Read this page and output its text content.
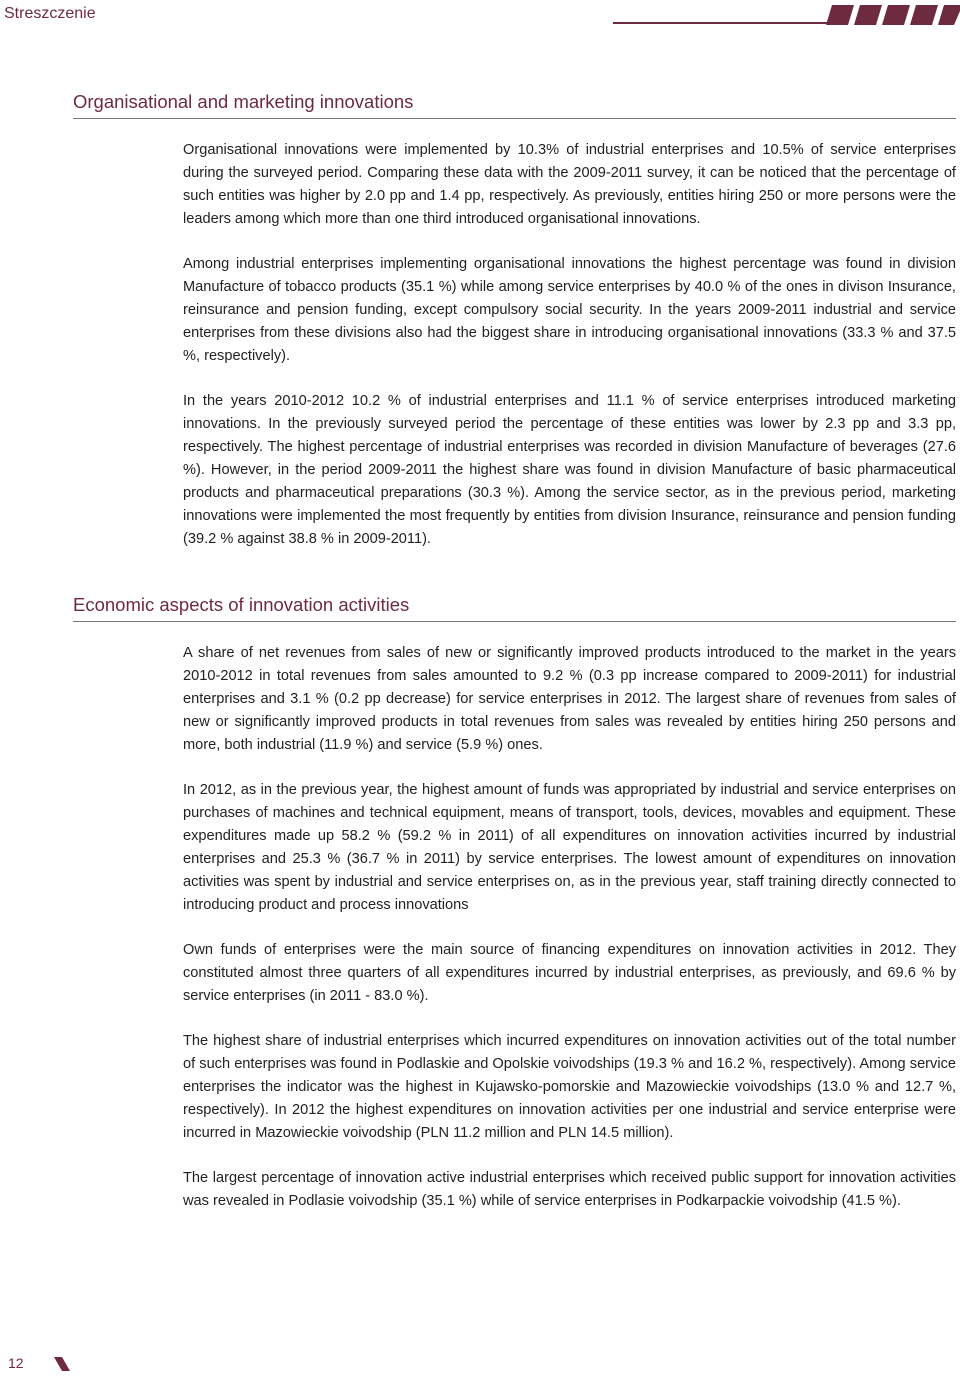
Streszczenie
Organisational and marketing innovations

Organisational innovations were implemented by 10.3% of industrial enterprises and 10.5% of service enterprises during the surveyed period. Comparing these data with the 2009-2011 survey, it can be noticed that the percentage of such entities was higher by 2.0 pp and 1.4 pp, respectively. As previously, entities hiring 250 or more persons were the leaders among which more than one third introduced organisational innovations.

Among industrial enterprises implementing organisational innovations the highest percentage was found in division Manufacture of tobacco products (35.1 %) while among service enterprises by 40.0 % of the ones in divison Insurance, reinsurance and pension funding, except compulsory social security. In the years 2009-2011 industrial and service enterprises from these divisions also had the biggest share in introducing organisational innovations (33.3 % and 37.5 %, respectively).

In the years 2010-2012 10.2 % of industrial enterprises and 11.1 % of service enterprises introduced marketing innovations. In the previously surveyed period the percentage of these entities was lower by 2.3 pp and 3.3 pp, respectively. The highest percentage of industrial enterprises was recorded in division Manufacture of beverages (27.6 %). However, in the period 2009-2011 the highest share was found in division Manufacture of basic pharmaceutical products and pharmaceutical preparations (30.3 %). Among the service sector, as in the previous period, marketing innovations were implemented the most frequently by entities from division Insurance, reinsurance and pension funding (39.2 % against 38.8 % in 2009-2011).

Economic aspects of innovation activities

A share of net revenues from sales of new or significantly improved products introduced to the market in the years 2010-2012 in total revenues from sales amounted to 9.2 % (0.3 pp increase compared to 2009-2011) for industrial enterprises and 3.1 % (0.2 pp decrease) for service enterprises in 2012. The largest share of revenues from sales of new or significantly improved products in total revenues from sales was revealed by entities hiring 250 persons and more, both industrial (11.9 %) and service (5.9 %) ones.

In 2012, as in the previous year, the highest amount of funds was appropriated by industrial and service enterprises on purchases of machines and technical equipment, means of transport, tools, devices, movables and equipment. These expenditures made up 58.2 % (59.2 % in 2011) of all expenditures on innovation activities incurred by industrial enterprises and 25.3 % (36.7 % in 2011) by service enterprises. The lowest amount of expenditures on innovation activities was spent by industrial and service enterprises on, as in the previous year, staff training directly connected to introducing product and process innovations

Own funds of enterprises were the main source of financing expenditures on innovation activities in 2012. They constituted almost three quarters of all expenditures incurred by industrial enterprises, as previously, and 69.6 % by service enterprises (in 2011 - 83.0 %).

The highest share of industrial enterprises which incurred expenditures on innovation activities out of the total number of such enterprises was found in Podlaskie and Opolskie voivodships (19.3 % and 16.2 %, respectively). Among service enterprises the indicator was the highest in Kujawsko-pomorskie and Mazowieckie voivodships (13.0 % and 12.7 %, respectively). In 2012 the highest expenditures on innovation activities per one industrial and service enterprise were incurred in Mazowieckie voivodship (PLN 11.2 million and PLN 14.5 million).

The largest percentage of innovation active industrial enterprises which received public support for innovation activities was revealed in Podlasie voivodship (35.1 %) while of service enterprises in Podkarpackie voivodship (41.5 %).

12
